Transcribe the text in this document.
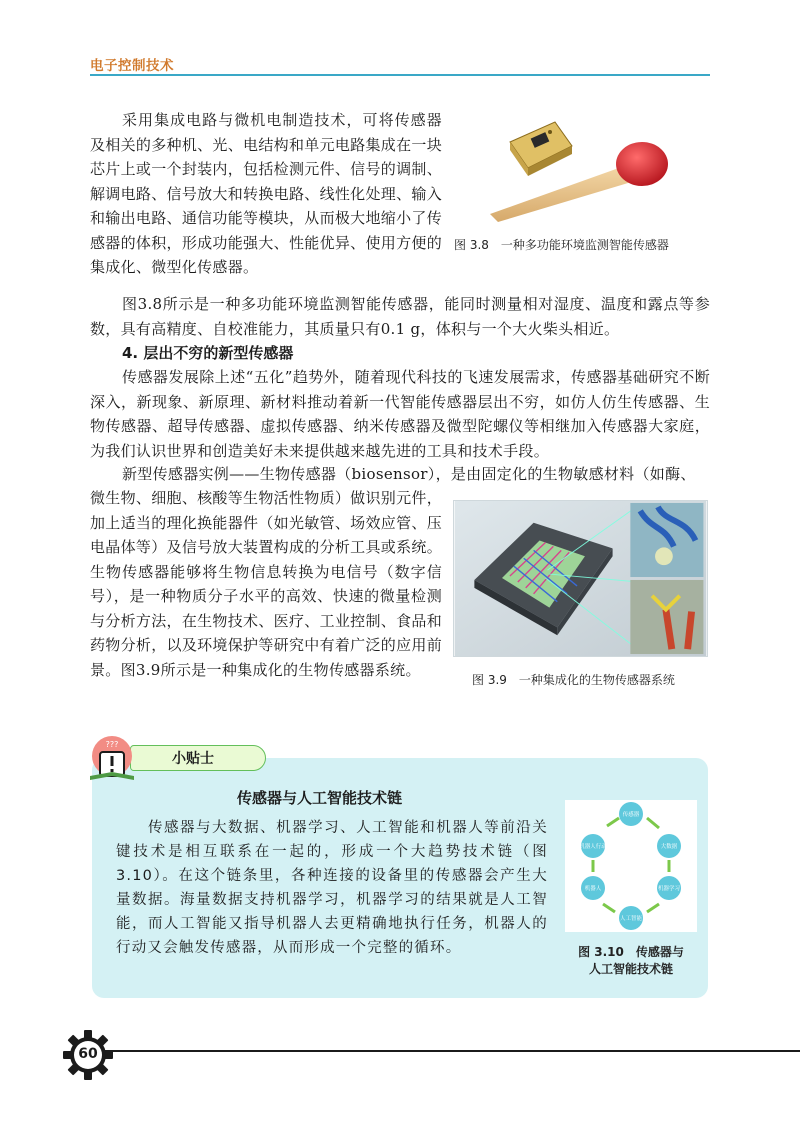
电子控制技术
采用集成电路与微机电制造技术，可将传感器及相关的多种机、光、电结构和单元电路集成在一块芯片上或一个封装内，包括检测元件、信号的调制、解调电路、信号放大和转换电路、线性化处理、输入和输出电路、通信功能等模块，从而极大地缩小了传感器的体积，形成功能强大、性能优异、使用方便的集成化、微型化传感器。
图 3.8　一种多功能环境监测智能传感器
图3.8所示是一种多功能环境监测智能传感器，能同时测量相对湿度、温度和露点等参数，具有高精度、自校准能力，其质量只有0.1 g，体积与一个大火柴头相近。
4. 层出不穷的新型传感器
传感器发展除上述“五化”趋势外，随着现代科技的飞速发展需求，传感器基础研究不断深入，新现象、新原理、新材料推动着新一代智能传感器层出不穷，如仿人仿生传感器、生物传感器、超导传感器、虚拟传感器、纳米传感器及微型陀螺仪等相继加入传感器大家庭，为我们认识世界和创造美好未来提供越来越先进的工具和技术手段。
新型传感器实例——生物传感器（biosensor），是由固定化的生物敏感材料（如酶、
微生物、细胞、核酸等生物活性物质）做识别元件，加上适当的理化换能器件（如光敏管、场效应管、压电晶体等）及信号放大装置构成的分析工具或系统。生物传感器能够将生物信息转换为电信号（数字信号），是一种物质分子水平的高效、快速的微量检测与分析方法，在生物技术、医疗、工业控制、食品和药物分析，以及环境保护等研究中有着广泛的应用前景。图3.9所示是一种集成化的生物传感器系统。
图 3.9　一种集成化的生物传感器系统
小贴士
???
传感器与人工智能技术链
传感器与大数据、机器学习、人工智能和机器人等前沿关键技术是相互联系在一起的，形成一个大趋势技术链（图3.10）。在这个链条里，各种连接的设备里的传感器会产生大量数据。海量数据支持机器学习，机器学习的结果就是人工智能，而人工智能又指导机器人去更精确地执行任务，机器人的行动又会触发传感器，从而形成一个完整的循环。
传感器
大数据
机器学习
人工智能
机器人
机器人行动
图 3.10　传感器与
人工智能技术链
60
